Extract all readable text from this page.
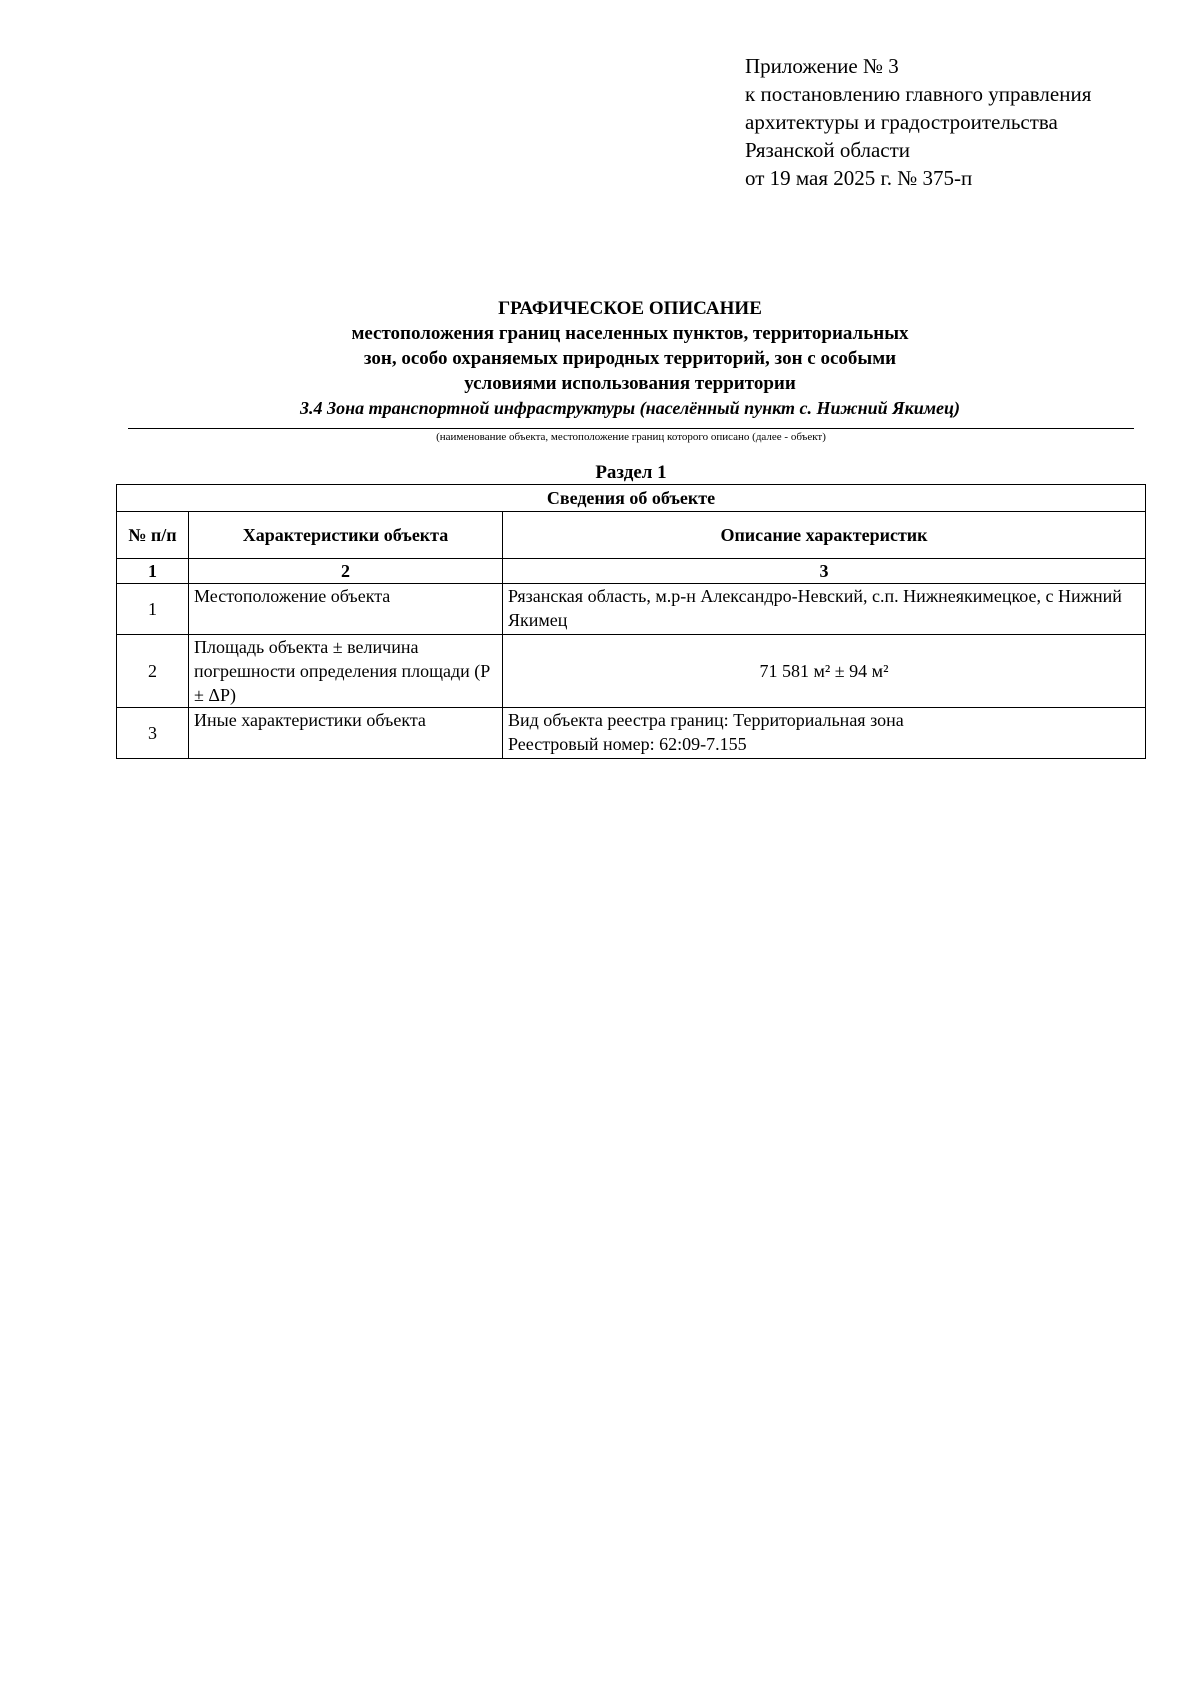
Приложение № 3
к постановлению главного управления
архитектуры и градостроительства
Рязанской области
от 19 мая 2025 г. № 375-п
ГРАФИЧЕСКОЕ ОПИСАНИЕ
местоположения границ населенных пунктов, территориальных
зон, особо охраняемых природных территорий, зон с особыми
условиями использования территории
3.4 Зона транспортной инфраструктуры (населённый пункт с. Нижний Якимец)
(наименование объекта, местоположение границ которого описано (далее - объект)
Раздел 1
Сведения об объекте		
№ п/п	Характеристики объекта	Описание характеристик
1	2	3
1	Местоположение объекта	Рязанская область, м.р-н Александро-Невский, с.п. Нижнеякимецкое, с Нижний Якимец
2	Площадь объекта ± величина погрешности определения площади (P ± ΔP)	71 581 м² ± 94 м²
3	Иные характеристики объекта	Вид объекта реестра границ: Территориальная зона
Реестровый номер: 62:09-7.155
